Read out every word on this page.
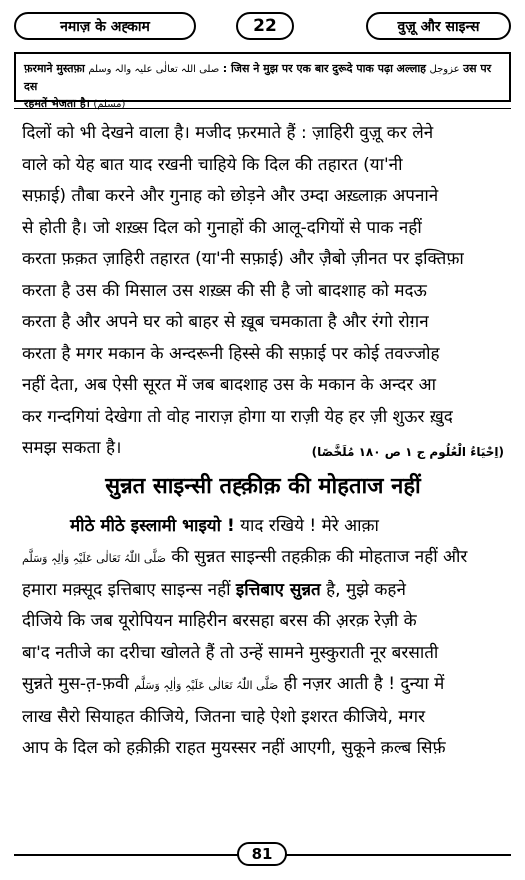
नमाज़ के अह्काम	22	वुज़ू और साइन्स
फ़रमाने मुस्तफ़ा صلی اللہ تعالٰی علیہ والہ وسلم : जिस ने मुझ पर एक बार दुरूदे पाक पढ़ा अल्लाह عزوجل उस पर दस
रहमतें भेजता है। (مسلم)
दिलों को भी देखने वाला है। मजीद फ़रमाते हैं : ज़ाहिरी वुज़ू कर लेने
वाले को येह बात याद रखनी चाहिये कि दिल की तहारत (या'नी
सफ़ाई) तौबा करने और गुनाह को छोड़ने और उम्दा अख़्लाक़ अपनाने
से होती है। जो शख़्स दिल को गुनाहों की आलू-दगियों से पाक नहीं
करता फ़क़त ज़ाहिरी तहारत (या'नी सफ़ाई) और ज़ैबो ज़ीनत पर इक्तिफ़ा
करता है उस की मिसाल उस शख़्स की सी है जो बादशाह को मदऊ
करता है और अपने घर को बाहर से ख़ूब चमकाता है और रंगो रोग़न
करता है मगर मकान के अन्दरूनी हिस्से की सफ़ाई पर कोई तवज्जोह
नहीं देता, अब ऐसी सूरत में जब बादशाह उस के मकान के अन्दर आ
कर गन्दगियां देखेगा तो वोह नाराज़ होगा या राज़ी येह हर ज़ी शुऊर ख़ुद
समझ सकता है।	(اِحْیَاءُ الْعُلُوم ج ۱ ص ۱۸۰ مُلَخَّصًا)
सुन्नत साइन्सी तह्क़ीक़ की मोहताज नहीं
मीठे मीठे इस्लामी भाइयो ! याद रखिये ! मेरे आक़ा
صَلَّی اللّٰہُ تَعَالٰی عَلَیْہِ وَاٰلِہٖ وَسَلَّم की सुन्नत साइन्सी तहक़ीक़ की मोहताज नहीं और
हमारा मक़्सूद इत्तिबाए साइन्स नहीं इत्तिबाए सुन्नत है, मुझे कहने
दीजिये कि जब यूरोपियन माहिरीन बरसहा बरस की अ़रक़ रेज़ी के
बा'द नतीजे का दरीचा खोलते हैं तो उन्हें सामने मुस्कुराती नूर बरसाती
सुन्नते मुस-त़-फ़वी صَلَّی اللّٰہُ تَعَالٰی عَلَیْہِ وَاٰلِہٖ وَسَلَّم ही नज़र आती है ! दुन्या में
लाख सैरो सियाहत कीजिये, जितना चाहे ऐशो इशरत कीजिये, मगर
आप के दिल को हक़ीक़ी राहत मुयस्सर नहीं आएगी, सुकूने क़ल्ब सिर्फ़
81
